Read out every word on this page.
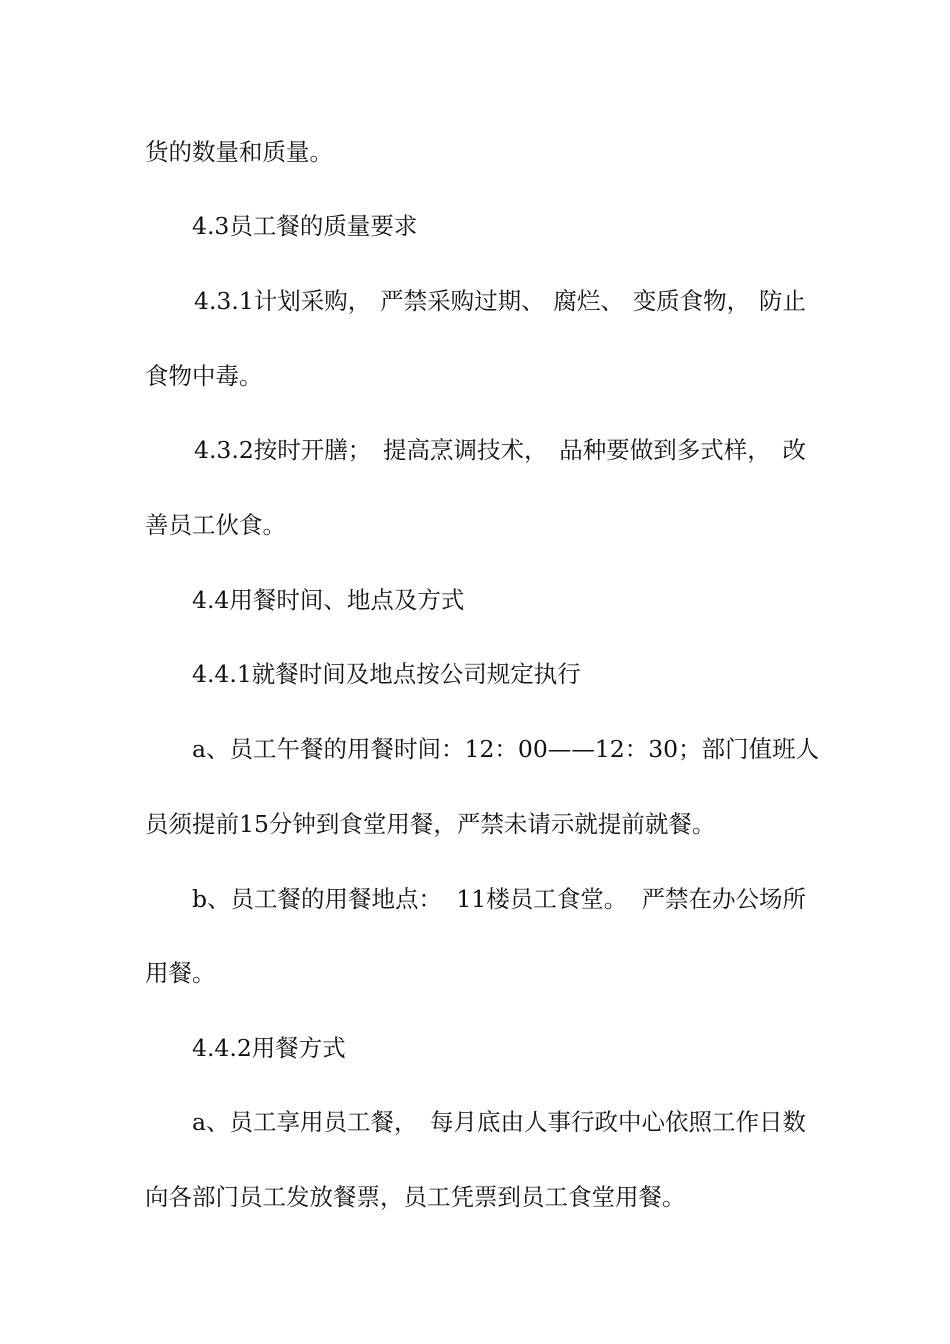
货的数量和质量。

4.3员工餐的质量要求

4.3.1计划采购， 严禁采购过期、 腐烂、 变质食物， 防止

食物中毒。

4.3.2按时开膳； 提高烹调技术， 品种要做到多式样， 改

善员工伙食。

4.4用餐时间、地点及方式

4.4.1就餐时间及地点按公司规定执行

a、员工午餐的用餐时间： 12：00——12：30； 部门值班人

员须提前15分钟到食堂用餐，严禁未请示就提前就餐。

b、员工餐的用餐地点： 11楼员工食堂。 严禁在办公场所

用餐。

4.4.2用餐方式

a、员工享用员工餐， 每月底由人事行政中心依照工作日数

向各部门员工发放餐票，员工凭票到员工食堂用餐。
